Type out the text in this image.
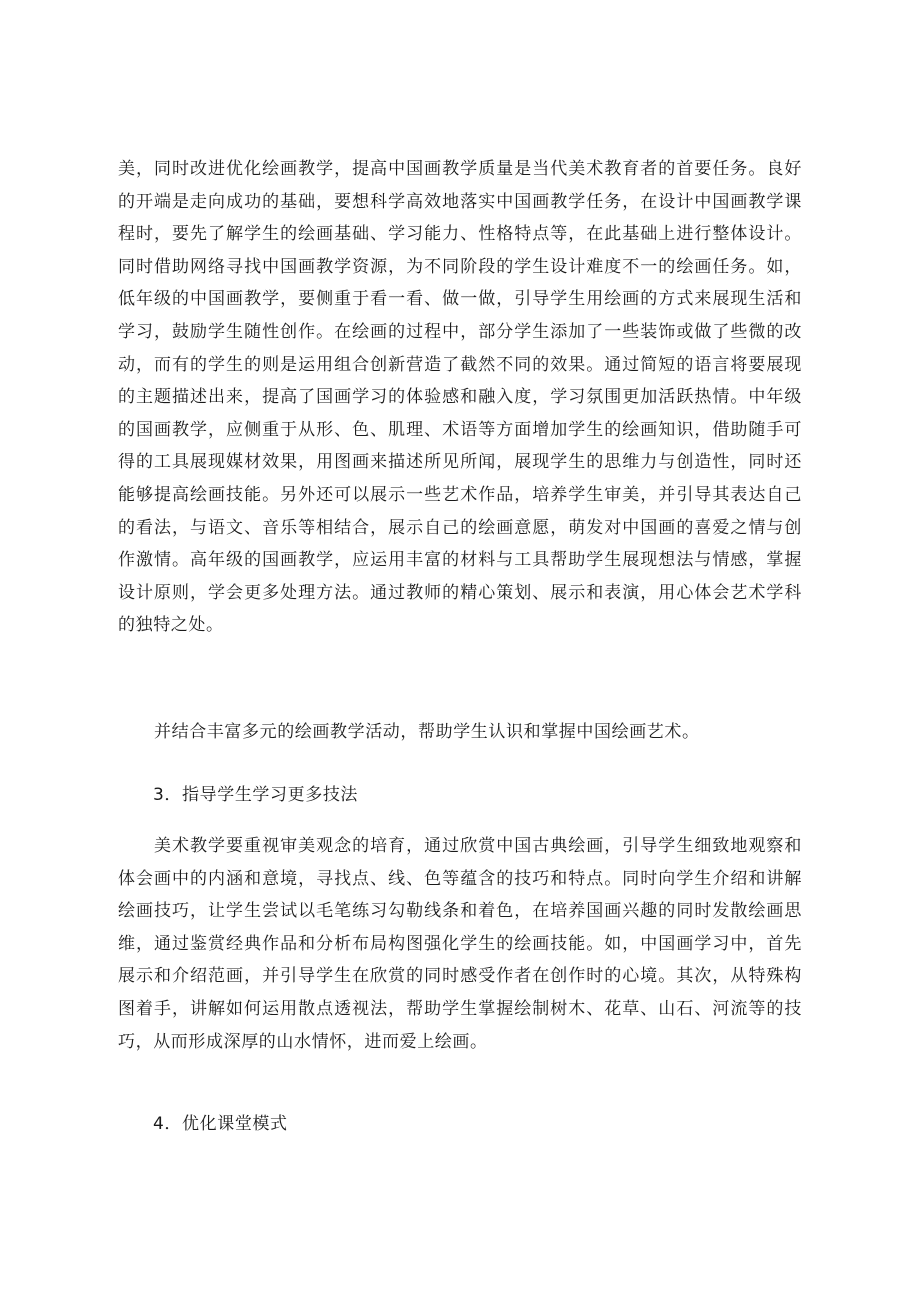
美，同时改进优化绘画教学，提高中国画教学质量是当代美术教育者的首要任务。良好的开端是走向成功的基础，要想科学高效地落实中国画教学任务，在设计中国画教学课程时，要先了解学生的绘画基础、学习能力、性格特点等，在此基础上进行整体设计。同时借助网络寻找中国画教学资源，为不同阶段的学生设计难度不一的绘画任务。如，低年级的中国画教学，要侧重于看一看、做一做，引导学生用绘画的方式来展现生活和学习，鼓励学生随性创作。在绘画的过程中，部分学生添加了一些装饰或做了些微的改动，而有的学生的则是运用组合创新营造了截然不同的效果。通过简短的语言将要展现的主题描述出来，提高了国画学习的体验感和融入度，学习氛围更加活跃热情。中年级的国画教学，应侧重于从形、色、肌理、术语等方面增加学生的绘画知识，借助随手可得的工具展现媒材效果，用图画来描述所见所闻，展现学生的思维力与创造性，同时还能够提高绘画技能。另外还可以展示一些艺术作品，培养学生审美，并引导其表达自己的看法，与语文、音乐等相结合，展示自己的绘画意愿，萌发对中国画的喜爱之情与创作激情。高年级的国画教学，应运用丰富的材料与工具帮助学生展现想法与情感，掌握设计原则，学会更多处理方法。通过教师的精心策划、展示和表演，用心体会艺术学科的独特之处。

并结合丰富多元的绘画教学活动，帮助学生认识和掌握中国绘画艺术。

3．指导学生学习更多技法

美术教学要重视审美观念的培育，通过欣赏中国古典绘画，引导学生细致地观察和体会画中的内涵和意境，寻找点、线、色等蕴含的技巧和特点。同时向学生介绍和讲解绘画技巧，让学生尝试以毛笔练习勾勒线条和着色，在培养国画兴趣的同时发散绘画思维，通过鉴赏经典作品和分析布局构图强化学生的绘画技能。如，中国画学习中，首先展示和介绍范画，并引导学生在欣赏的同时感受作者在创作时的心境。其次，从特殊构图着手，讲解如何运用散点透视法，帮助学生掌握绘制树木、花草、山石、河流等的技巧，从而形成深厚的山水情怀，进而爱上绘画。

4．优化课堂模式
